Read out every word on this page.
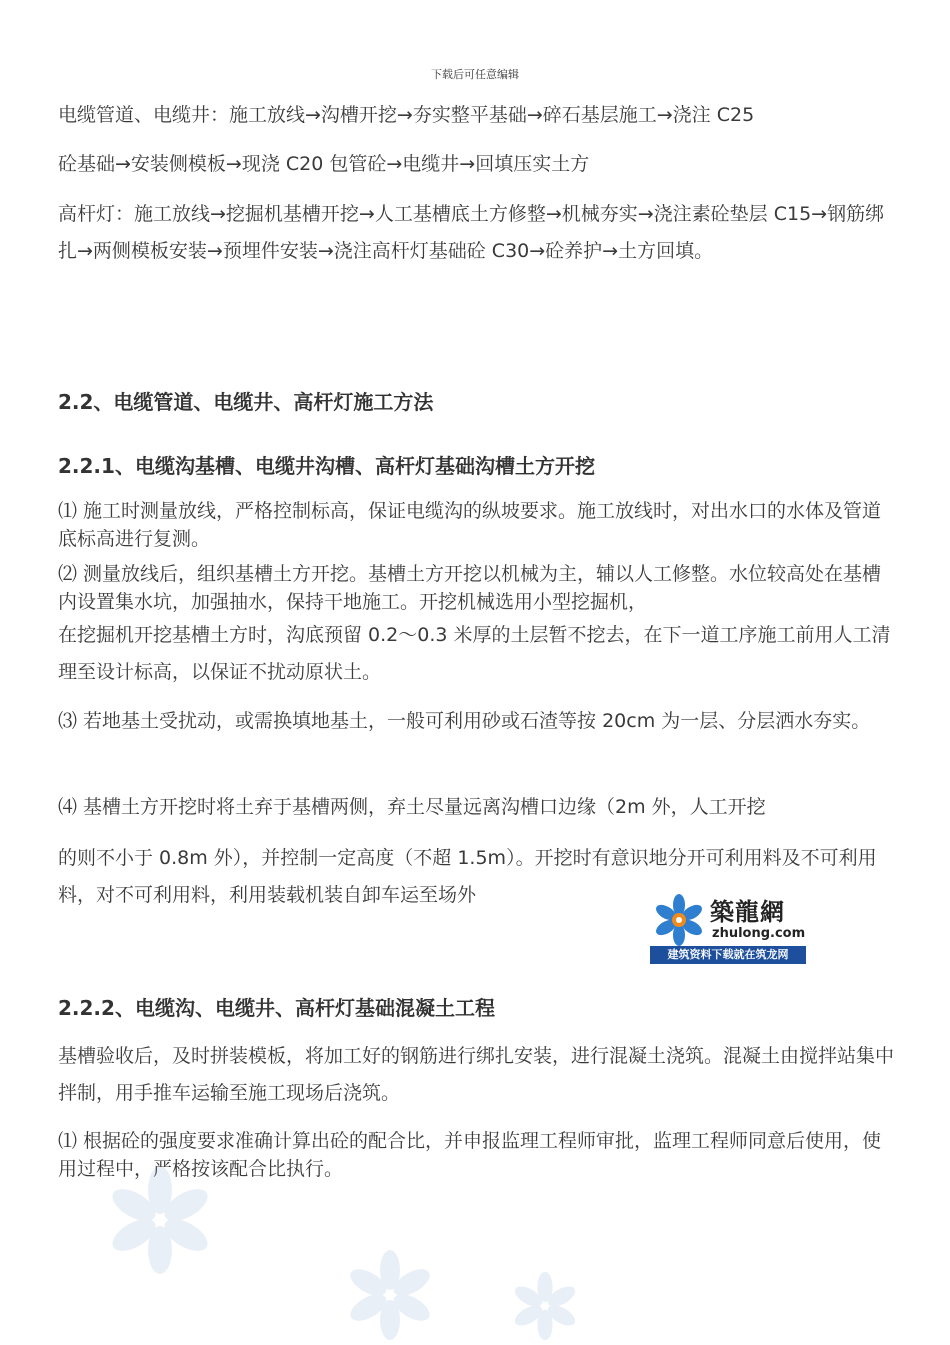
下载后可任意编辑

电缆管道、电缆井：施工放线→沟槽开挖→夯实整平基础→碎石基层施工→浇注 C25

砼基础→安装侧模板→现浇 C20 包管砼→电缆井→回填压实土方

高杆灯：施工放线→挖掘机基槽开挖→人工基槽底土方修整→机械夯实→浇注素砼垫层 C15→钢筋绑扎→两侧模板安装→预埋件安装→浇注高杆灯基础砼 C30→砼养护→土方回填。

2.2、电缆管道、电缆井、高杆灯施工方法
2.2.1、电缆沟基槽、电缆井沟槽、高杆灯基础沟槽土方开挖

⑴ 施工时测量放线，严格控制标高，保证电缆沟的纵坡要求。施工放线时，对出水口的水体及管道底标高进行复测。

⑵ 测量放线后，组织基槽土方开挖。基槽土方开挖以机械为主，辅以人工修整。水位较高处在基槽内设置集水坑，加强抽水，保持干地施工。开挖机械选用小型挖掘机，

在挖掘机开挖基槽土方时，沟底预留 0.2～0.3 米厚的土层暂不挖去，在下一道工序施工前用人工清理至设计标高，以保证不扰动原状土。

⑶ 若地基土受扰动，或需换填地基土，一般可利用砂或石渣等按 20cm 为一层、分层洒水夯实。

⑷ 基槽土方开挖时将土弃于基槽两侧，弃土尽量远离沟槽口边缘（2m 外，人工开挖

的则不小于 0.8m 外），并控制一定高度（不超 1.5m）。开挖时有意识地分开可利用料及不可利用料，对不可利用料，利用装载机装自卸车运至场外

築龍網
zhulong.com
建筑资料下载就在筑龙网
2.2.2、电缆沟、电缆井、高杆灯基础混凝土工程

基槽验收后，及时拼装模板，将加工好的钢筋进行绑扎安装，进行混凝土浇筑。混凝土由搅拌站集中拌制，用手推车运输至施工现场后浇筑。

⑴ 根据砼的强度要求准确计算出砼的配合比，并申报监理工程师审批，监理工程师同意后使用，使用过程中，严格按该配合比执行。
